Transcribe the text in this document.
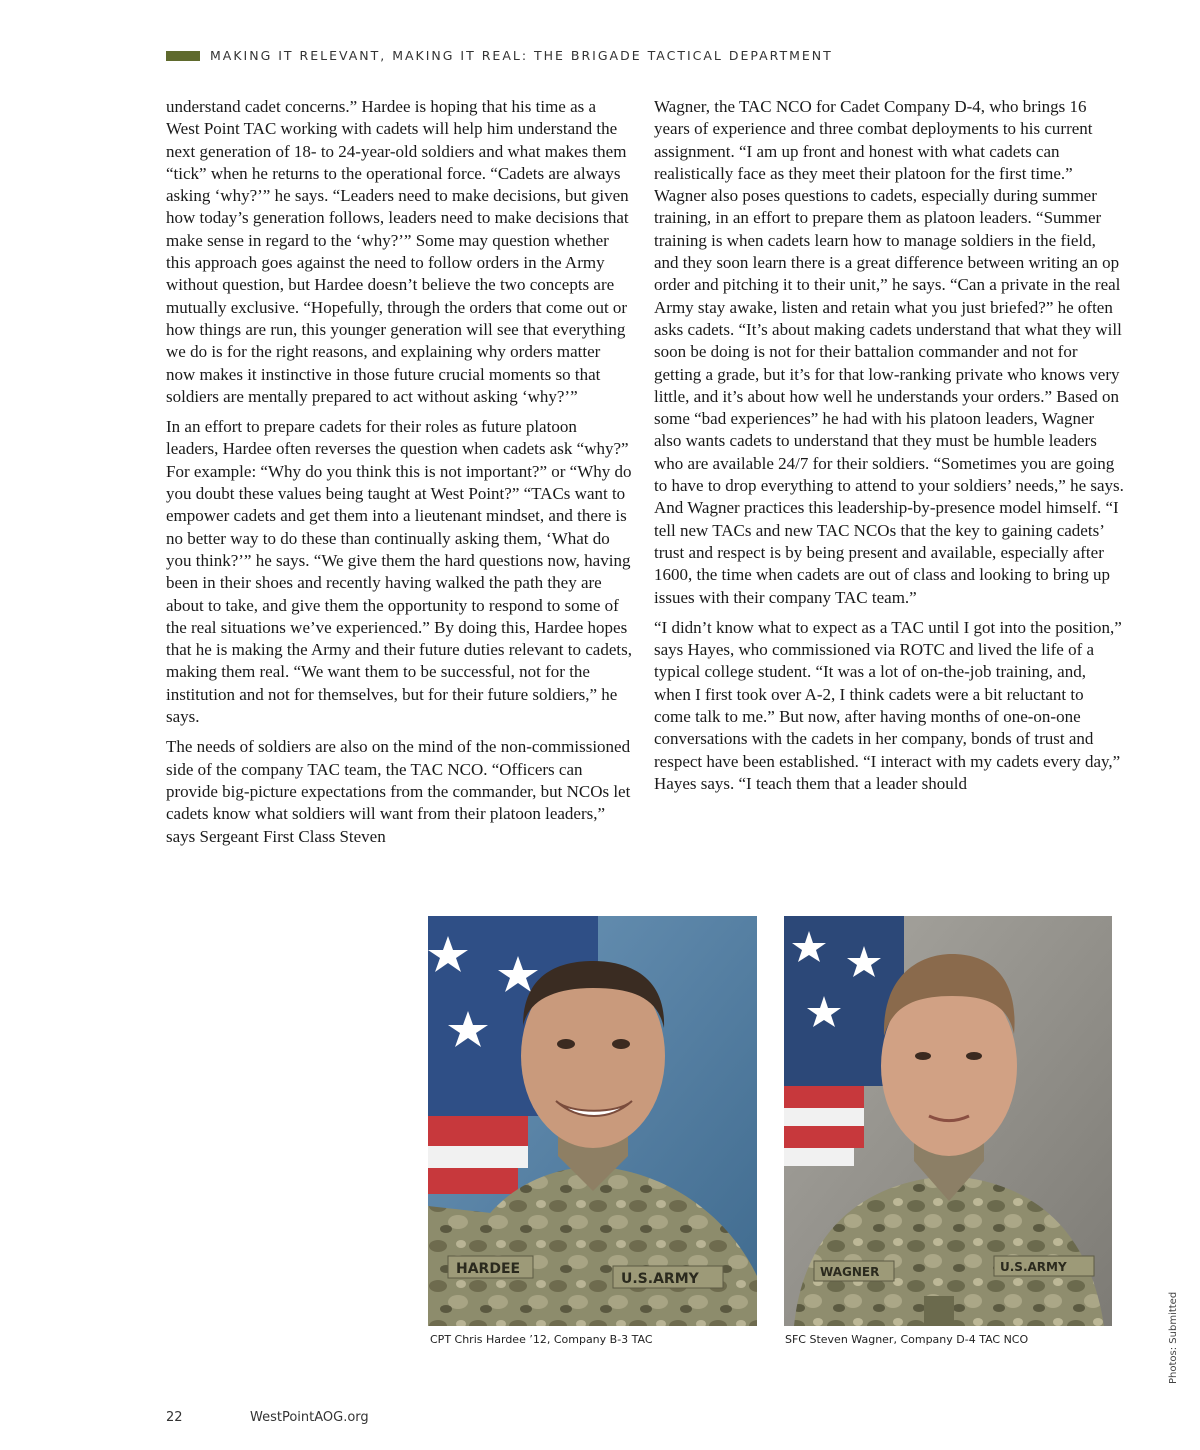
MAKING IT RELEVANT, MAKING IT REAL: THE BRIGADE TACTICAL DEPARTMENT

understand cadet concerns.” Hardee is hoping that his time as a West Point TAC working with cadets will help him understand the next generation of 18- to 24-year-old soldiers and what makes them “tick” when he returns to the operational force. “Cadets are always asking ‘why?’” he says. “Leaders need to make decisions, but given how today’s generation follows, leaders need to make decisions that make sense in regard to the ‘why?’” Some may question whether this approach goes against the need to follow orders in the Army without question, but Hardee doesn’t believe the two concepts are mutually exclusive. “Hopefully, through the orders that come out or how things are run, this younger generation will see that everything we do is for the right reasons, and explaining why orders matter now makes it instinctive in those future crucial moments so that soldiers are mentally prepared to act without asking ‘why?’”

In an effort to prepare cadets for their roles as future platoon leaders, Hardee often reverses the question when cadets ask “why?” For example: “Why do you think this is not important?” or “Why do you doubt these values being taught at West Point?” “TACs want to empower cadets and get them into a lieutenant mindset, and there is no better way to do these than continually asking them, ‘What do you think?’” he says. “We give them the hard questions now, having been in their shoes and recently having walked the path they are about to take, and give them the opportunity to respond to some of the real situations we’ve experienced.” By doing this, Hardee hopes that he is making the Army and their future duties relevant to cadets, making them real. “We want them to be successful, not for the institution and not for themselves, but for their future soldiers,” he says.

The needs of soldiers are also on the mind of the non-commissioned side of the company TAC team, the TAC NCO. “Officers can provide big-picture expectations from the commander, but NCOs let cadets know what soldiers will want from their platoon leaders,” says Sergeant First Class Steven

Wagner, the TAC NCO for Cadet Company D-4, who brings 16 years of experience and three combat deployments to his current assignment. “I am up front and honest with what cadets can realistically face as they meet their platoon for the first time.” Wagner also poses questions to cadets, especially during summer training, in an effort to prepare them as platoon leaders. “Summer training is when cadets learn how to manage soldiers in the field, and they soon learn there is a great difference between writing an op order and pitching it to their unit,” he says. “Can a private in the real Army stay awake, listen and retain what you just briefed?” he often asks cadets. “It’s about making cadets understand that what they will soon be doing is not for their battalion commander and not for getting a grade, but it’s for that low-ranking private who knows very little, and it’s about how well he understands your orders.” Based on some “bad experiences” he had with his platoon leaders, Wagner also wants cadets to understand that they must be humble leaders who are available 24/7 for their soldiers. “Sometimes you are going to have to drop everything to attend to your soldiers’ needs,” he says. And Wagner practices this leadership-by-presence model himself. “I tell new TACs and new TAC NCOs that the key to gaining cadets’ trust and respect is by being present and available, especially after 1600, the time when cadets are out of class and looking to bring up issues with their company TAC team.”

“I didn’t know what to expect as a TAC until I got into the position,” says Hayes, who commissioned via ROTC and lived the life of a typical college student. “It was a lot of on-the-job training, and, when I first took over A-2, I think cadets were a bit reluctant to come talk to me.” But now, after having months of one-on-one conversations with the cadets in her company, bonds of trust and respect have been established. “I interact with my cadets every day,” Hayes says. “I teach them that a leader should

HARDEE
U.S.ARMY	WAGNER	U.S.ARMY
CPT Chris Hardee ’12, Company B-3 TAC	SFC Steven Wagner, Company D-4 TAC NCO	Photos: Submitted
22	WestPointAOG.org
